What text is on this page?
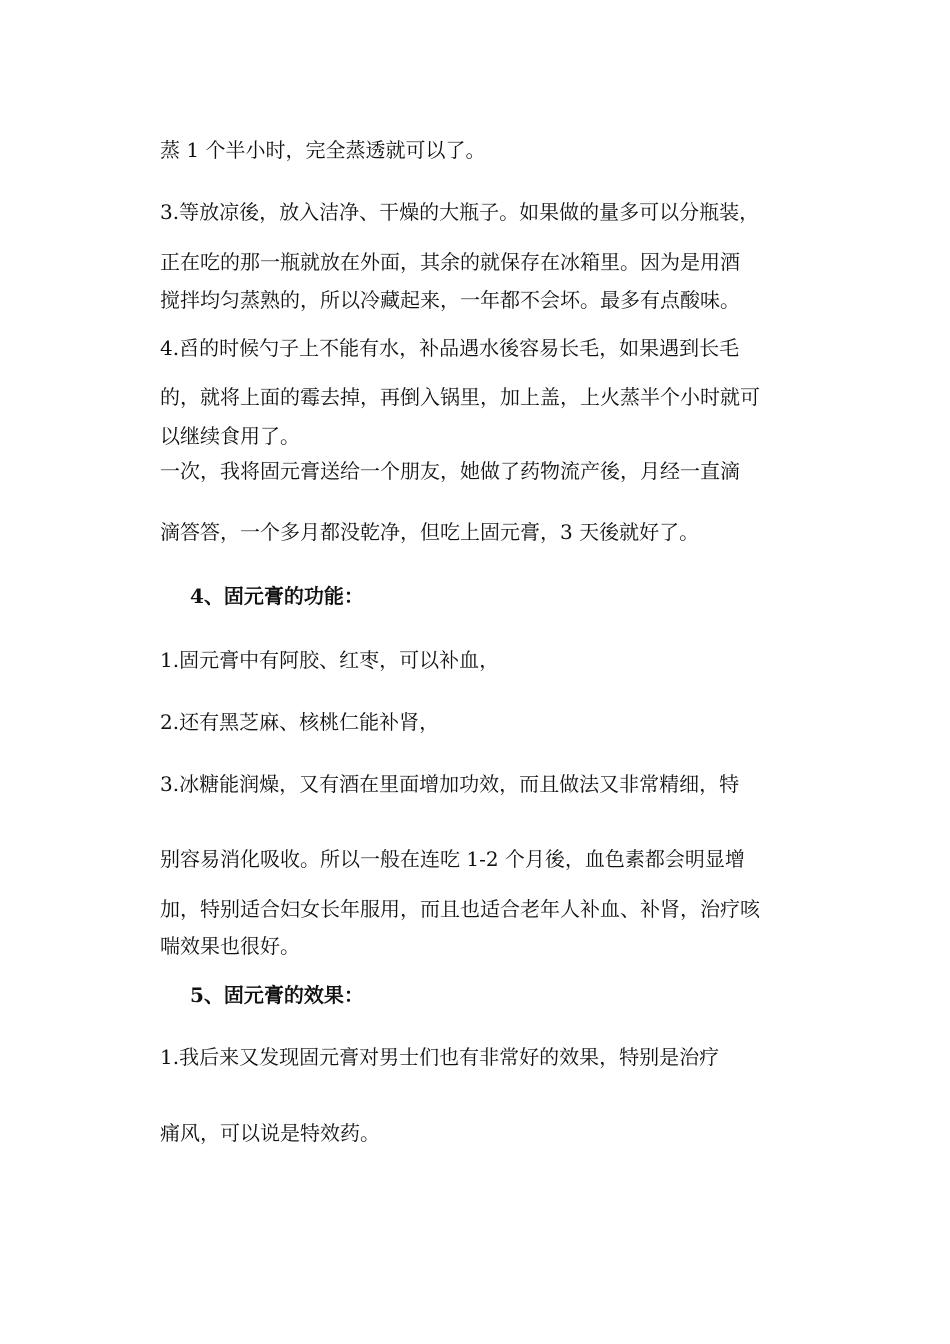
蒸 1 个半小时，完全蒸透就可以了。
3.等放凉後，放入洁净、干燥的大瓶子。如果做的量多可以分瓶装，
正在吃的那一瓶就放在外面，其余的就保存在冰箱里。因为是用酒
搅拌均匀蒸熟的，所以冷藏起来，一年都不会坏。最多有点酸味。
4.舀的时候勺子上不能有水，补品遇水後容易长毛，如果遇到长毛
的，就将上面的霉去掉，再倒入锅里，加上盖，上火蒸半个小时就可
以继续食用了。
一次，我将固元膏送给一个朋友，她做了药物流产後，月经一直滴
滴答答，一个多月都没乾净，但吃上固元膏，3 天後就好了。
4、固元膏的功能：
1.固元膏中有阿胶、红枣，可以补血，
2.还有黑芝麻、核桃仁能补肾，
3.冰糖能润燥，又有酒在里面增加功效，而且做法又非常精细，特
别容易消化吸收。所以一般在连吃 1-2 个月後，血色素都会明显增
加，特别适合妇女长年服用，而且也适合老年人补血、补肾，治疗咳
喘效果也很好。
5、固元膏的效果：
1.我后来又发现固元膏对男士们也有非常好的效果，特别是治疗
痛风，可以说是特效药。
